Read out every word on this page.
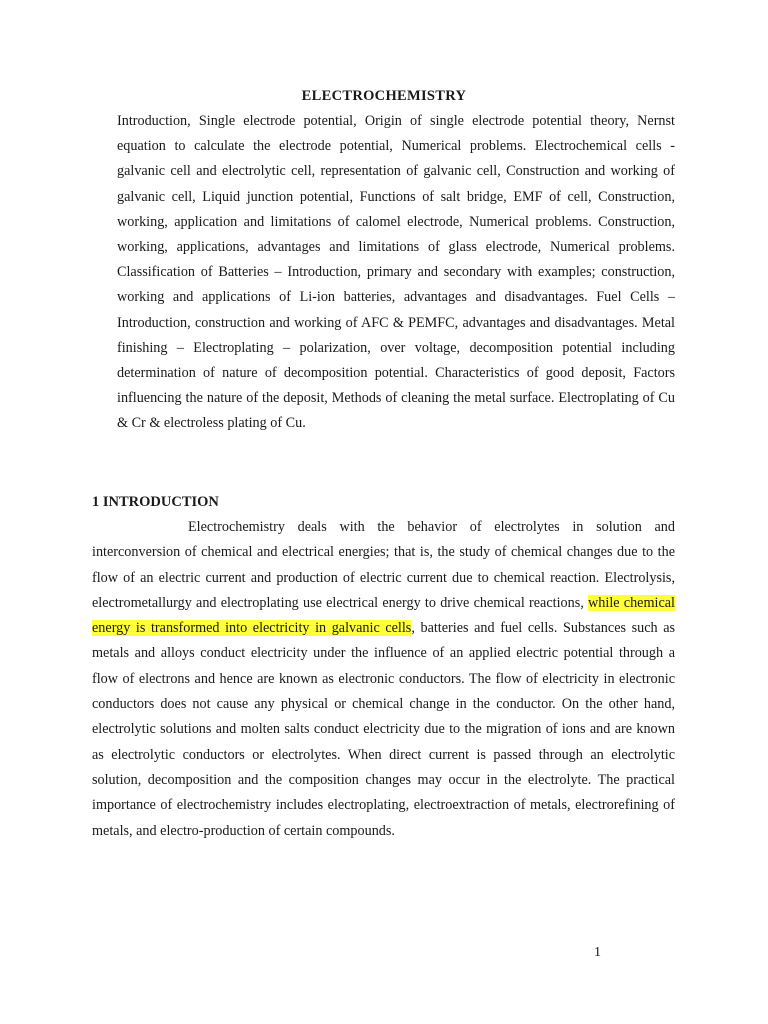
ELECTROCHEMISTRY

Introduction, Single electrode potential, Origin of single electrode potential theory, Nernst equation to calculate the electrode potential, Numerical problems. Electrochemical cells - galvanic cell and electrolytic cell, representation of galvanic cell, Construction and working of galvanic cell, Liquid junction potential, Functions of salt bridge, EMF of cell, Construction, working, application and limitations of calomel electrode, Numerical problems. Construction, working, applications, advantages and limitations of glass electrode, Numerical problems. Classification of Batteries – Introduction, primary and secondary with examples; construction, working and applications of Li-ion batteries, advantages and disadvantages. Fuel Cells – Introduction, construction and working of AFC & PEMFC, advantages and disadvantages. Metal finishing – Electroplating – polarization, over voltage, decomposition potential including determination of nature of decomposition potential. Characteristics of good deposit, Factors influencing the nature of the deposit, Methods of cleaning the metal surface. Electroplating of Cu & Cr & electroless plating of Cu.

1 INTRODUCTION

Electrochemistry deals with the behavior of electrolytes in solution and interconversion of chemical and electrical energies; that is, the study of chemical changes due to the flow of an electric current and production of electric current due to chemical reaction. Electrolysis, electrometallurgy and electroplating use electrical energy to drive chemical reactions, while chemical energy is transformed into electricity in galvanic cells, batteries and fuel cells. Substances such as metals and alloys conduct electricity under the influence of an applied electric potential through a flow of electrons and hence are known as electronic conductors. The flow of electricity in electronic conductors does not cause any physical or chemical change in the conductor. On the other hand, electrolytic solutions and molten salts conduct electricity due to the migration of ions and are known as electrolytic conductors or electrolytes. When direct current is passed through an electrolytic solution, decomposition and the composition changes may occur in the electrolyte. The practical importance of electrochemistry includes electroplating, electroextraction of metals, electrorefining of metals, and electro-production of certain compounds.

1
